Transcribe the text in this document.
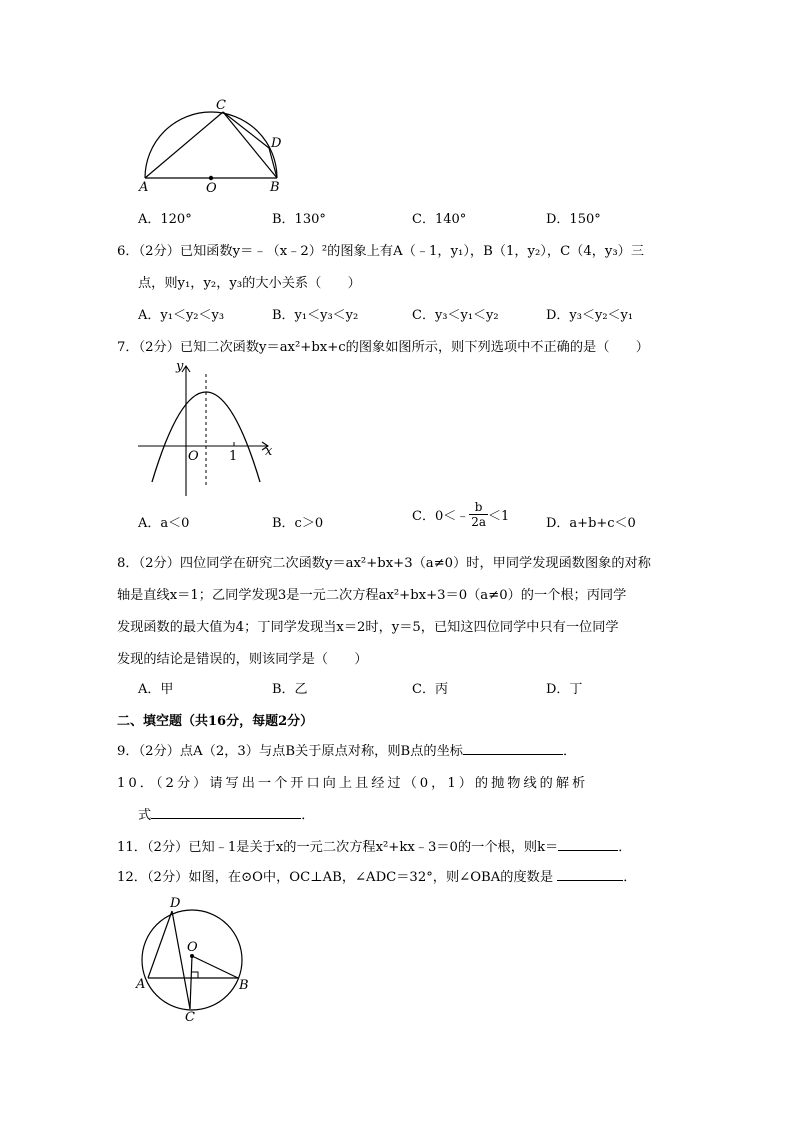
A	O	B
C
D
A．120°	B．130°	C．140°	D．150°
6．（2分）已知函数y＝﹣（x﹣2）²的图象上有A（﹣1，y₁），B（1，y₂），C（4，y₃）三
点，则y₁，y₂，y₃的大小关系（　　）
A．y₁＜y₂＜y₃	B．y₁＜y₃＜y₂	C．y₃＜y₁＜y₂	D．y₃＜y₂＜y₁
7．（2分）已知二次函数y＝ax²+bx+c的图象如图所示，则下列选项中不正确的是（　　）
y
x
O 1
A．a＜0	B．c＞0	C．0＜﹣ $\frac{b}{2a} <1$	D．a+b+c＜0
8．（2分）四位同学在研究二次函数y＝ax²+bx+3（a≠0）时，甲同学发现函数图象的对称
轴是直线x＝1；乙同学发现3是一元二次方程ax²+bx+3＝0（a≠0）的一个根；丙同学
发现函数的最大值为4；丁同学发现当x＝2时，y＝5，已知这四位同学中只有一位同学
发现的结论是错误的，则该同学是（　　）
A．甲	B．乙	C．丙	D．丁
二、填空题（共16分，每题2分）
9．（2分）点A（2，3）与点B关于原点对称，则B点的坐标	．
10．（2分）请写出一个开口向上且经过（0，1）的抛物线的解析
式	．
11．（2分）已知﹣1是关于x的一元二次方程x²+kx﹣3＝0的一个根，则k＝	．
12．（2分）如图，在⊙O中，OC⊥AB，∠ADC＝32°，则∠OBA的度数是	．
D
O
A	B
C
